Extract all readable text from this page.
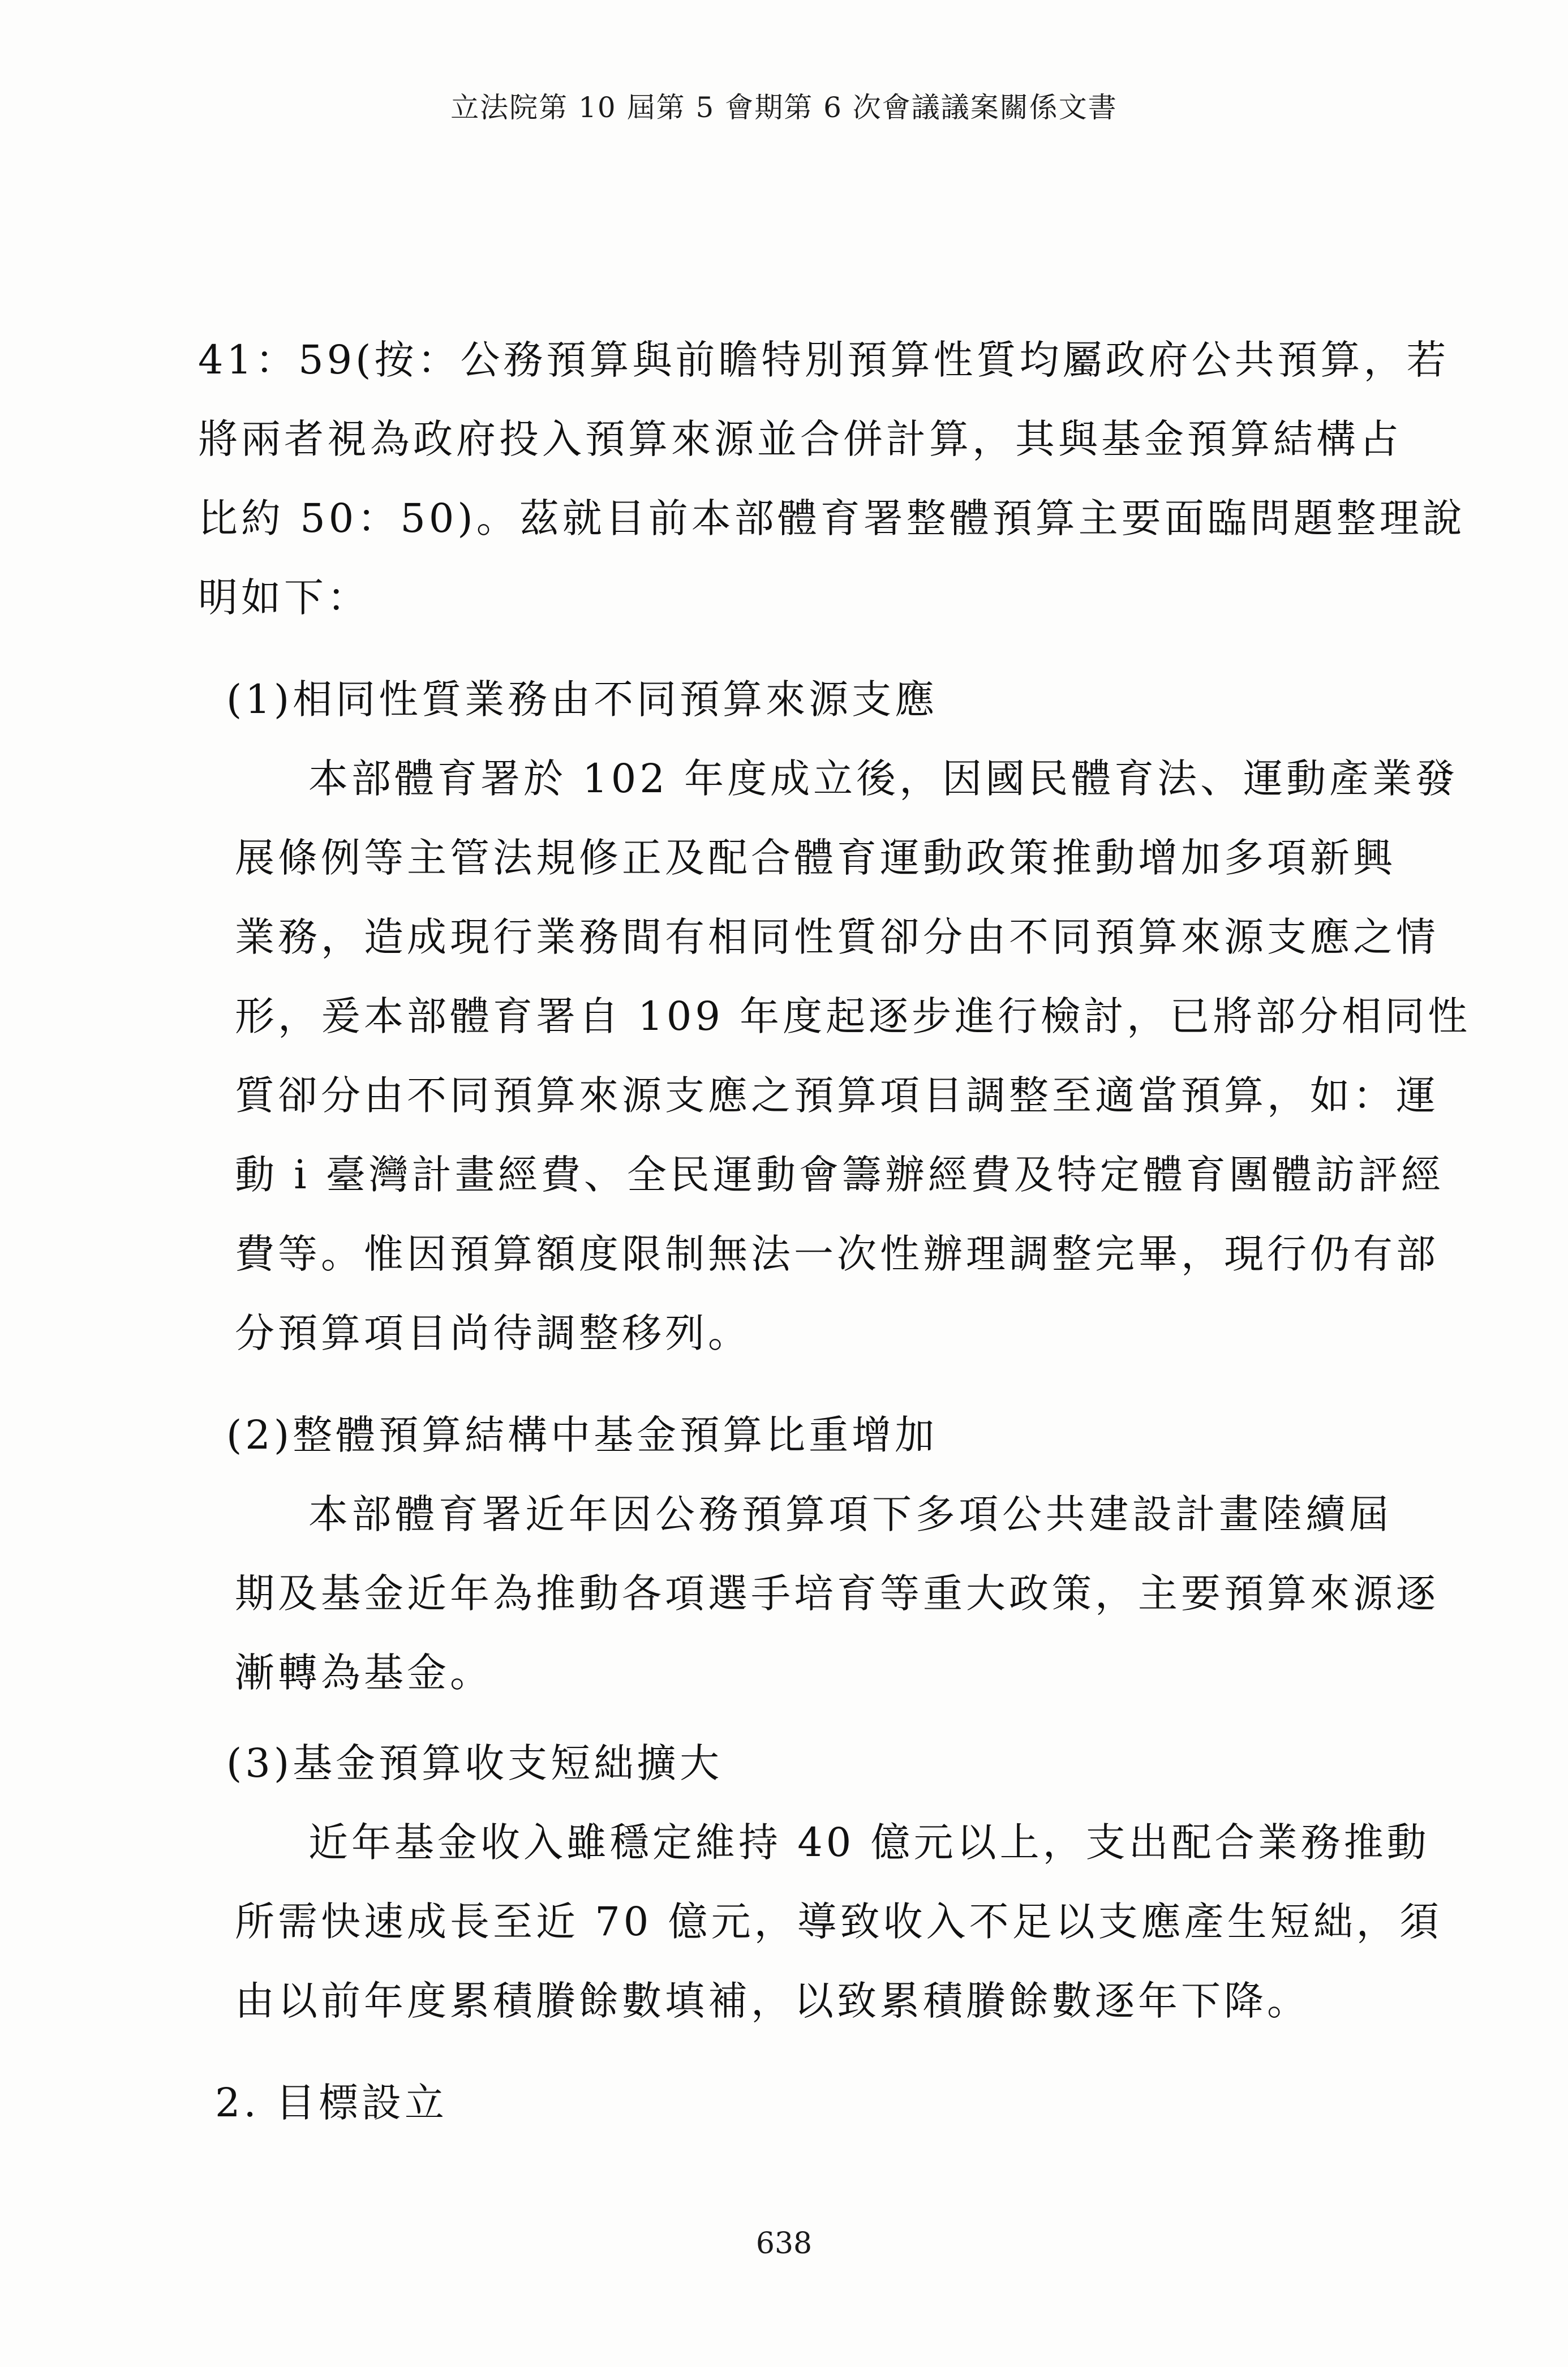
立法院第 10 屆第 5 會期第 6 次會議議案關係文書
41：59(按：公務預算與前瞻特別預算性質均屬政府公共預算，若
將兩者視為政府投入預算來源並合併計算，其與基金預算結構占
比約 50：50)。茲就目前本部體育署整體預算主要面臨問題整理說
明如下：
(1)相同性質業務由不同預算來源支應
本部體育署於 102 年度成立後，因國民體育法、運動產業發
展條例等主管法規修正及配合體育運動政策推動增加多項新興
業務，造成現行業務間有相同性質卻分由不同預算來源支應之情
形，爰本部體育署自 109 年度起逐步進行檢討，已將部分相同性
質卻分由不同預算來源支應之預算項目調整至適當預算，如：運
動 i 臺灣計畫經費、全民運動會籌辦經費及特定體育團體訪評經
費等。惟因預算額度限制無法一次性辦理調整完畢，現行仍有部
分預算項目尚待調整移列。
(2)整體預算結構中基金預算比重增加
本部體育署近年因公務預算項下多項公共建設計畫陸續屆
期及基金近年為推動各項選手培育等重大政策，主要預算來源逐
漸轉為基金。
(3)基金預算收支短絀擴大
近年基金收入雖穩定維持 40 億元以上，支出配合業務推動
所需快速成長至近 70 億元，導致收入不足以支應產生短絀，須
由以前年度累積賸餘數填補，以致累積賸餘數逐年下降。
2. 目標設立
638
